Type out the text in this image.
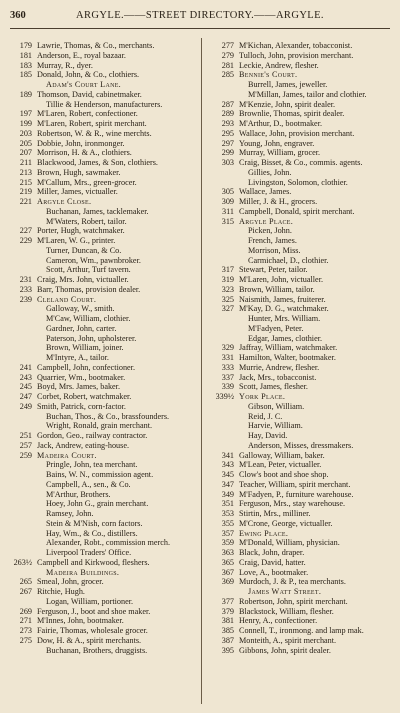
360	ARGYLE.——STREET DIRECTORY.——ARGYLE.
179 Lawrie, Thomas, & Co., merchants.
181 Anderson, E., royal bazaar.
183 Murray, R., dyer.
185 Donald, John, & Co., clothiers.
Adam's Court Lane.
189 Thomson, David, cabinetmaker.
Tillie & Henderson, manufacturers.
197 M'Laren, Robert, confectioner.
199 M'Laren, Robert, spirit merchant.
203 Robertson, W. & R., wine merchts.
205 Dobbie, John, ironmonger.
207 Morrison, H. & A., clothiers.
211 Blackwood, James, & Son, clothiers.
213 Brown, Hugh, sawmaker.
215 M'Callum, Mrs., green-grocer.
219 Miller, James, victualler.
221 Argyle Close.
Buchanan, James, tacklemaker.
M'Waters, Robert, tailor.
227 Porter, Hugh, watchmaker.
229 M'Laren, W. G., printer.
Turner, Duncan, & Co.
Cameron, Wm., pawnbroker.
Scott, Arthur, Turf tavern.
231 Craig, Mrs. John, victualler.
233 Barr, Thomas, provision dealer.
239 Cleland Court.
Galloway, W., smith.
M'Caw, William, clothier.
Gardner, John, carter.
Paterson, John, upholsterer.
Brown, William, joiner.
M'Intyre, A., tailor.
241 Campbell, John, confectioner.
243 Quarrier, Wm., bootmaker.
245 Boyd, Mrs. James, baker.
247 Corbet, Robert, watchmaker.
249 Smith, Patrick, corn-factor.
Buchan, Thos., & Co., brassfounders.
Wright, Ronald, grain merchant.
251 Gordon, Geo., railway contractor.
257 Jack, Andrew, eating-house.
259 Madeira Court.
Pringle, John, tea merchant.
Bains, W. N., commission agent.
Campbell, A., sen., & Co.
M'Arthur, Brothers.
Hoey, John G., grain merchant.
Ramsey, John.
Stein & M'Nish, corn factors.
Hay, Wm., & Co., distillers.
Alexander, Robt., commission merch.
Liverpool Traders' Office.
263½ Campbell and Kirkwood, fleshers.
Madeira Buildings.
265 Smeal, John, grocer.
267 Ritchie, Hugh.
Logan, William, portioner.
269 Ferguson, J., boot and shoe maker.
271 M'Innes, John, bootmaker.
273 Fairie, Thomas, wholesale grocer.
275 Dow, H. & A., spirit merchants.
Buchanan, Brothers, druggists.
277 M'Kichan, Alexander, tobacconist.
279 Tulloch, John, provision merchant.
281 Leckie, Andrew, flesher.
285 Bennie's Court.
Burrell, James, jeweller.
M'Millan, James, tailor and clothier.
287 M'Kenzie, John, spirit dealer.
289 Brownlie, Thomas, spirit dealer.
293 M'Arthur, D., bootmaker.
295 Wallace, John, provision merchant.
297 Young, John, engraver.
299 Murray, William, grocer.
303 Craig, Bisset, & Co., commis. agents.
Gillies, John.
Livingston, Solomon, clothier.
305 Wallace, James.
309 Miller, J. & H., grocers.
311 Campbell, Donald, spirit merchant.
315 Argyle Place.
Picken, John.
French, James.
Morrison, Miss.
Carmichael, D., clothier.
317 Stewart, Peter, tailor.
319 M'Laren, John, victualler.
323 Brown, William, tailor.
325 Naismith, James, fruiterer.
327 M'Kay, D. G., watchmaker.
Hunter, Mrs. William.
M'Fadyen, Peter.
Edgar, James, clothier.
329 Jaffray, William, watchmaker.
331 Hamilton, Walter, bootmaker.
333 Murrie, Andrew, flesher.
337 Jack, Mrs., tobacconist.
339 Scott, James, flesher.
339½ York Place.
Gibson, William.
Reid, J. C.
Harvie, William.
Hay, David.
Anderson, Misses, dressmakers.
341 Galloway, William, baker.
343 M'Lean, Peter, victualler.
345 Clow's boot and shoe shop.
347 Teacher, William, spirit merchant.
349 M'Fadyen, P., furniture warehouse.
351 Ferguson, Mrs., stay warehouse.
353 Stirtin, Mrs., milliner.
355 M'Crone, George, victualler.
357 Ewing Place.
359 M'Donald, William, physician.
363 Black, John, draper.
365 Craig, David, hatter.
367 Love, A., bootmaker.
369 Murdoch, J. & P., tea merchants.
James Watt Street.
377 Robertson, John, spirit merchant.
379 Blackstock, William, flesher.
381 Henry, A., confectioner.
385 Connell, T., ironmong. and lamp mak.
387 Monteith, A., spirit merchant.
395 Gibbons, John, spirit dealer.
